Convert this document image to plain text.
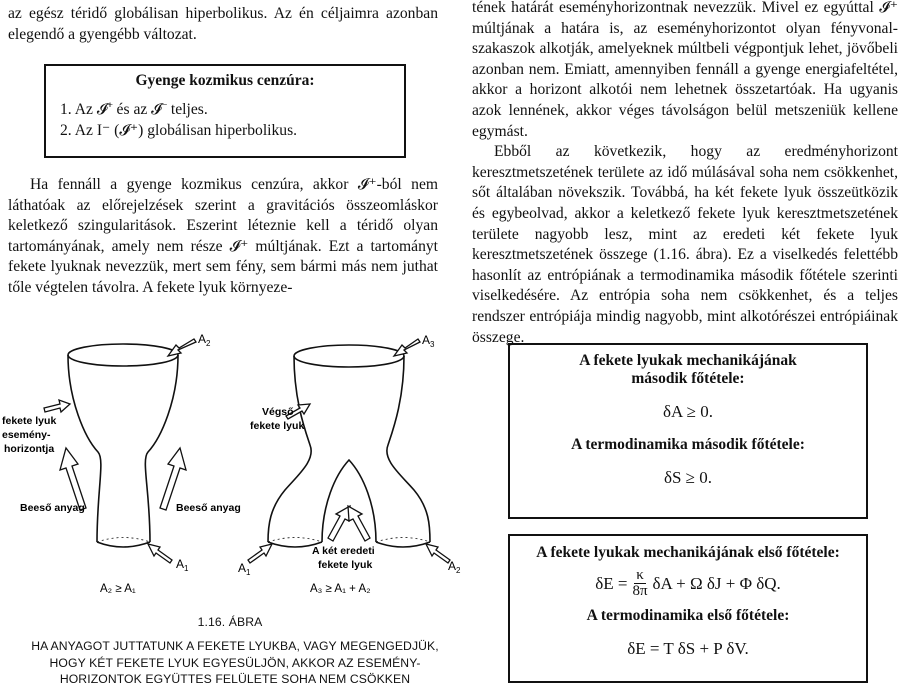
az egész téridő globálisan hiperbolikus. Az én céljaimra azonban elegendő a gyengébb változat.

Gyenge kozmikus cenzúra:
1. Az 𝓘⁺ és az 𝓘⁻ teljes.
2. Az I⁻ (𝓘⁺) globálisan hiperbolikus.

Ha fennáll a gyenge kozmikus cenzúra, akkor 𝓘⁺-ból nem láthatóak az előrejelzések szerint a gravitációs összeomláskor keletkező szingularitások. Eszerint léteznie kell a téridő olyan tartományának, amely nem része 𝓘⁺ múltjának. Ezt a tartományt fekete lyuknak nevezzük, mert sem fény, sem bármi más nem juthat tőle végtelen távolra. A fekete lyuk környeze-

tének határát eseményhorizontnak nevezzük. Mivel ez egyúttal 𝓘⁺ múltjának a határa is, az eseményhorizontot olyan fényvonal-szakaszok alkotják, amelyeknek múltbeli végpontjuk lehet, jövőbeli azonban nem. Emiatt, amennyiben fennáll a gyenge energiafeltétel, akkor a horizont alkotói nem lehetnek összetartóak. Ha ugyanis azok lennének, akkor véges távolságon belül metszeniük kellene egymást.

Ebből az következik, hogy az eredményhorizont keresztmetszetének területe az idő múlásával soha nem csökkenhet, sőt általában növekszik. Továbbá, ha két fekete lyuk összeütközik és egybeolvad, akkor a keletkező fekete lyuk keresztmetszetének területe nagyobb lesz, mint az eredeti két fekete lyuk keresztmetszetének összege (1.16. ábra). Ez a viselkedés felettébb hasonlít az entrópiának a termodinamika második főtétele szerinti viselkedésére. Az entrópia soha nem csökkenhet, és a teljes rendszer entrópiája mindig nagyobb, mint alkotórészei entrópiáinak összege.

A fekete lyukak mechanikájának
második főtétele:
δA ≥ 0.
A termodinamika második főtétele:
δS ≥ 0.
A fekete lyukak mechanikájának első főtétele:
$\delta E = \frac{\kappa}{8\pi}$ δA + Ω δJ + Φ δQ.
A termodinamika első főtétele:
δE = T δS + P δV.
$A_2$
fekete lyuk
esemény-
horizontja
Beeső anyag	Beeső anyag
$A_1$
A₂ ≥ A₁
$A_3$
Végső
fekete lyuk
$A_1$	$A_2$
A két eredeti
fekete lyuk
A₃ ≥ A₁ + A₂
1.16. ÁBRA
HA ANYAGOT JUTTATUNK A FEKETE LYUKBA, VAGY MEGENGEDJÜK,
HOGY KÉT FEKETE LYUK EGYESÜLJÖN, AKKOR AZ ESEMÉNY-
HORIZONTOK EGYÜTTES FELÜLETE SOHA NEM CSÖKKEN
